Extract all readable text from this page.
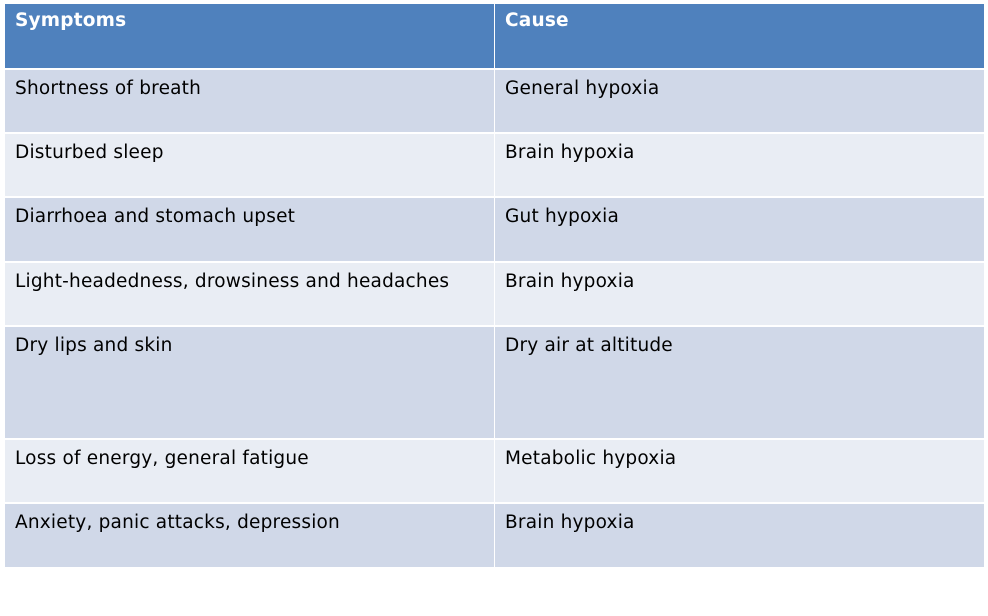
Symptoms	Cause
Shortness of breath	General hypoxia
Disturbed sleep	Brain hypoxia
Diarrhoea and stomach upset	Gut hypoxia
Light-headedness, drowsiness and headaches	Brain hypoxia
Dry lips and skin	Dry air at altitude
Loss of energy, general fatigue	Metabolic hypoxia
Anxiety, panic attacks, depression	Brain hypoxia
